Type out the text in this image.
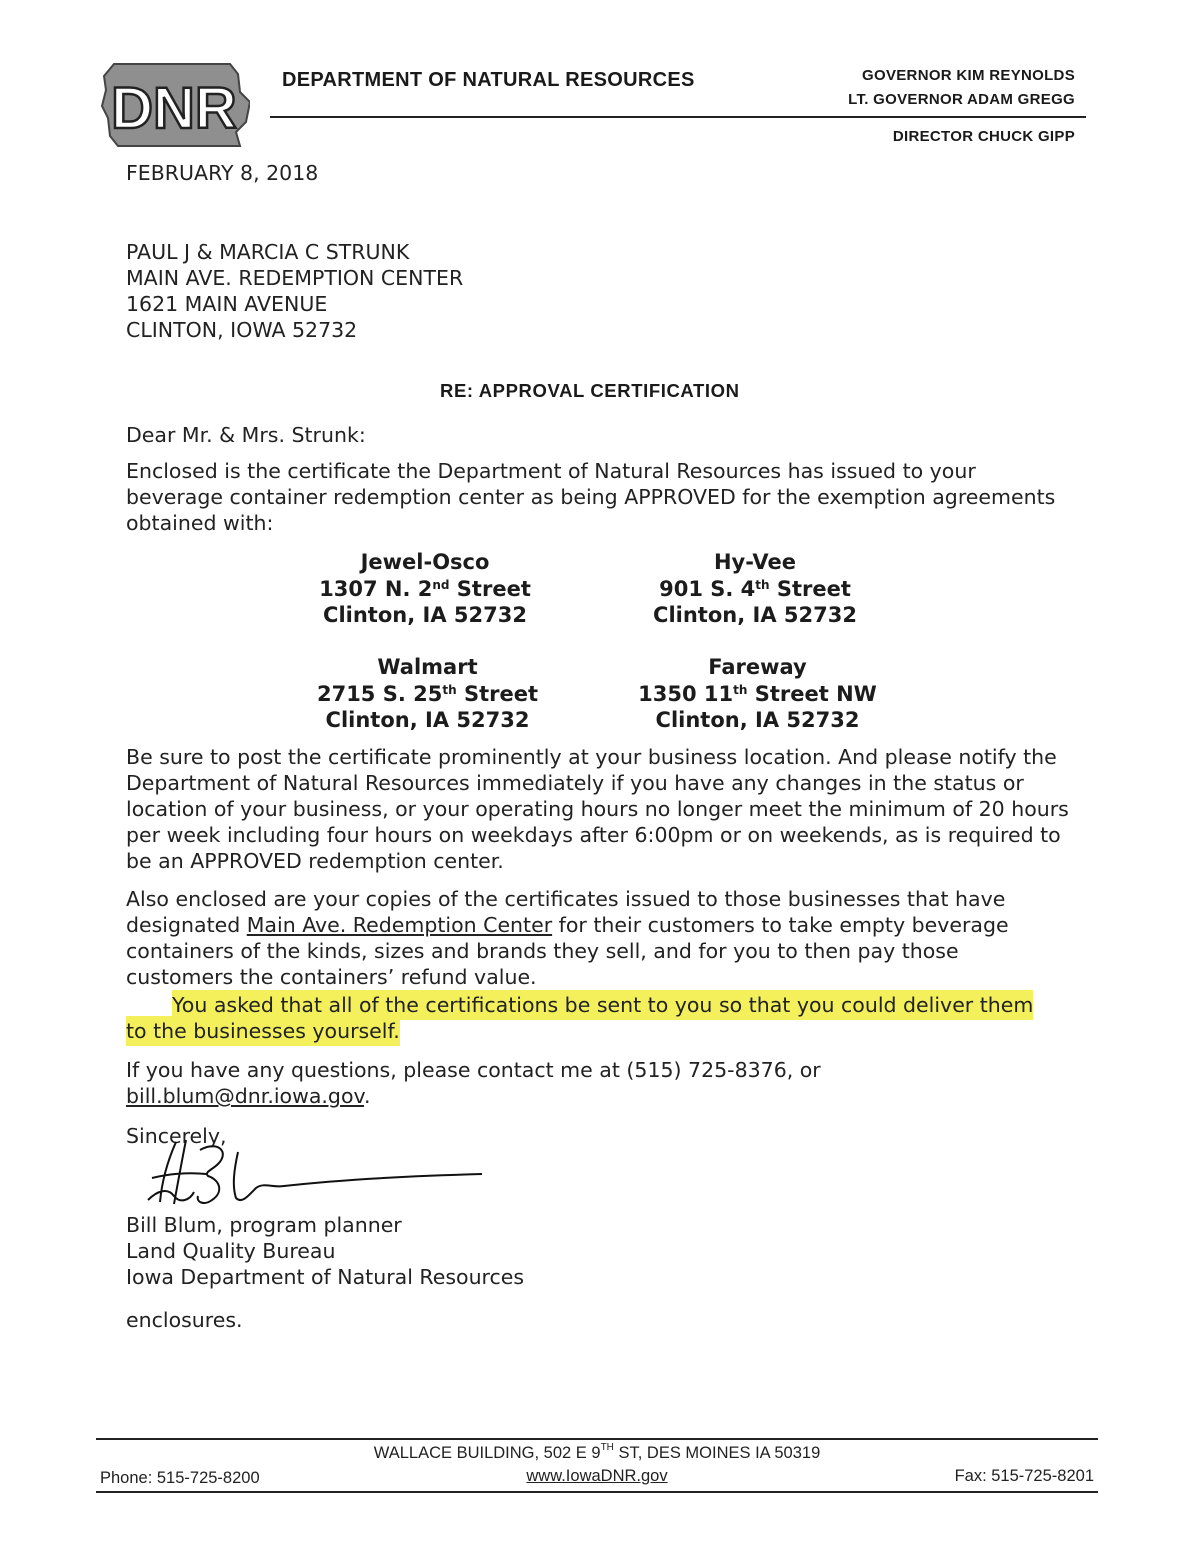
DNR DEPARTMENT OF NATURAL RESOURCES	GOVERNOR KIM REYNOLDS
LT. GOVERNOR ADAM GREGG
DIRECTOR CHUCK GIPP
FEBRUARY 8, 2018
PAUL J & MARCIA C STRUNK
MAIN AVE. REDEMPTION CENTER
1621 MAIN AVENUE
CLINTON, IOWA 52732
RE: APPROVAL CERTIFICATION
Dear Mr. & Mrs. Strunk:
Enclosed is the certificate the Department of Natural Resources has issued to your beverage container redemption center as being APPROVED for the exemption agreements obtained with:
Jewel-Osco
1307 N. 2nd Street
Clinton, IA 52732
Hy-Vee
901 S. 4th Street
Clinton, IA 52732
Walmart
2715 S. 25th Street
Clinton, IA 52732
Fareway
1350 11th Street NW
Clinton, IA 52732
Be sure to post the certificate prominently at your business location. And please notify the Department of Natural Resources immediately if you have any changes in the status or location of your business, or your operating hours no longer meet the minimum of 20 hours per week including four hours on weekdays after 6:00pm or on weekends, as is required to be an APPROVED redemption center.
Also enclosed are your copies of the certificates issued to those businesses that have designated Main Ave. Redemption Center for their customers to take empty beverage containers of the kinds, sizes and brands they sell, and for you to then pay those customers the containers’ refund value.
You asked that all of the certifications be sent to you so that you could deliver them to the businesses yourself.
If you have any questions, please contact me at (515) 725-8376, or
bill.blum@dnr.iowa.gov.
Sincerely,
Bill Blum, program planner
Land Quality Bureau
Iowa Department of Natural Resources
enclosures.
WALLACE BUILDING, 502 E 9TH ST, DES MOINES IA 50319
Phone: 515-725-8200	www.IowaDNR.gov	Fax: 515-725-8201
